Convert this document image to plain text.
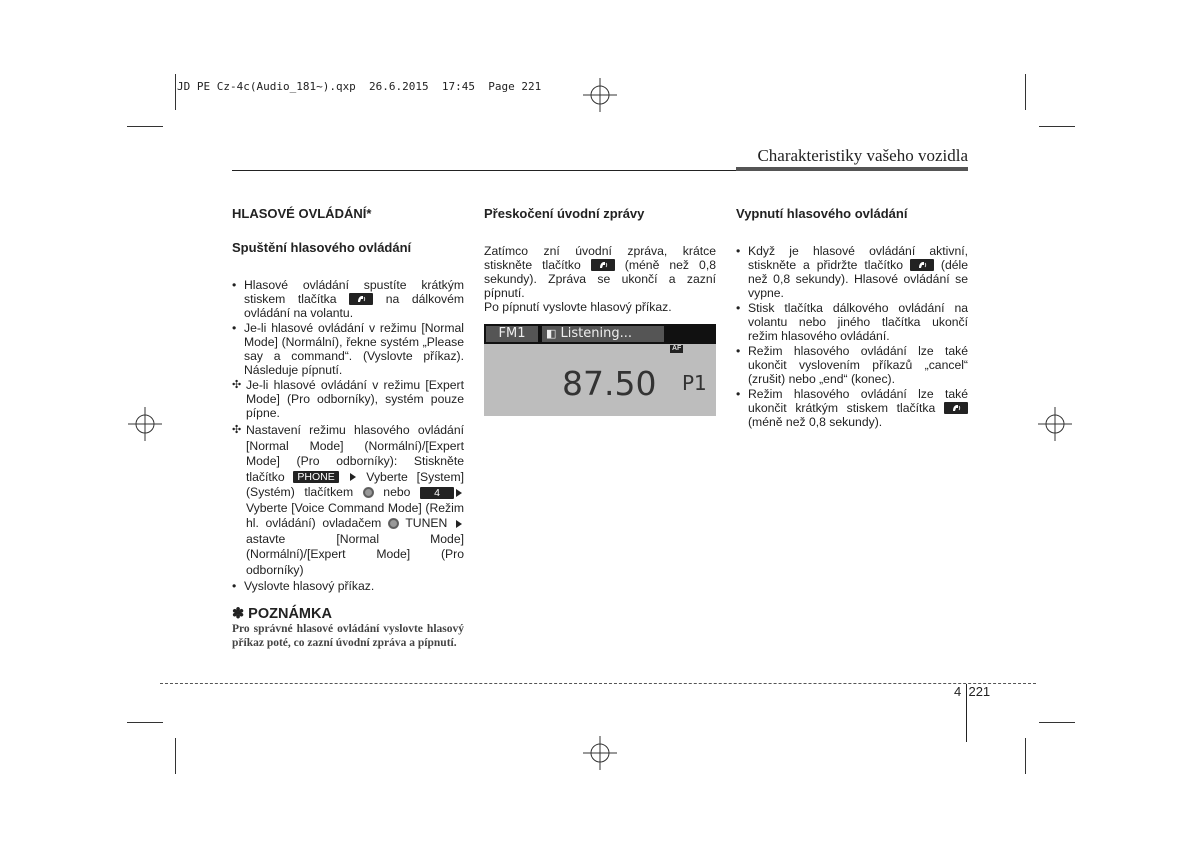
JD PE Cz-4c(Audio_181~).qxp  26.6.2015  17:45  Page 221
Charakteristiky vašeho vozidla
HLASOVÉ OVLÁDÁNÍ*
Spuštění hlasového ovládání
• Hlasové ovládání spustíte krátkým stiskem tlačítka	na dálkovém ovládání na volantu.
• Je-li hlasové ovládání v režimu [Normal Mode] (Normální), řekne systém „Please say a command“. (Vyslovte příkaz). Následuje pípnutí.
✣ Je-li hlasové ovládání v režimu [Expert Mode] (Pro odborníky), systém pouze pípne.
✣ Nastavení režimu hlasového ovládání [Normal Mode] (Normální)/[Expert Mode] (Pro odborníky): Stiskněte tlačítko PHONE	Vyberte [System] (Systém) tlačítkem nebo 4 Vyberte [Voice Command Mode] (Režim hl. ovládání) ovladačem TUNEN  astavte [Normal Mode] (Normální)/[Expert Mode] (Pro odborníky)
• Vyslovte hlasový příkaz.
✽ POZNÁMKA
Pro správné hlasové ovládání vyslovte hlasový příkaz poté, co zazní úvodní zpráva a pípnutí.
Přeskočení úvodní zprávy
Zatímco zní úvodní zpráva, krátce stiskněte tlačítko	(méně než 0,8 sekundy). Zpráva se ukončí a zazní pípnutí.
Po pípnutí vyslovte hlasový příkaz.
FM1	◧ Listening...
AF
87.50 P1
Vypnutí hlasového ovládání
• Když je hlasové ovládání aktivní, stiskněte a přidržte tlačítko	(déle než 0,8 sekundy). Hlasové ovládání se vypne.
• Stisk tlačítka dálkového ovládání na volantu nebo jiného tlačítka ukončí režim hlasového ovládání.
• Režim hlasového ovládání lze také ukončit vyslovením příkazů „cancel“ (zrušit) nebo „end“ (konec).
• Režim hlasového ovládání lze také ukončit krátkým stiskem tlačítka
(méně než 0,8 sekundy).
4 221
